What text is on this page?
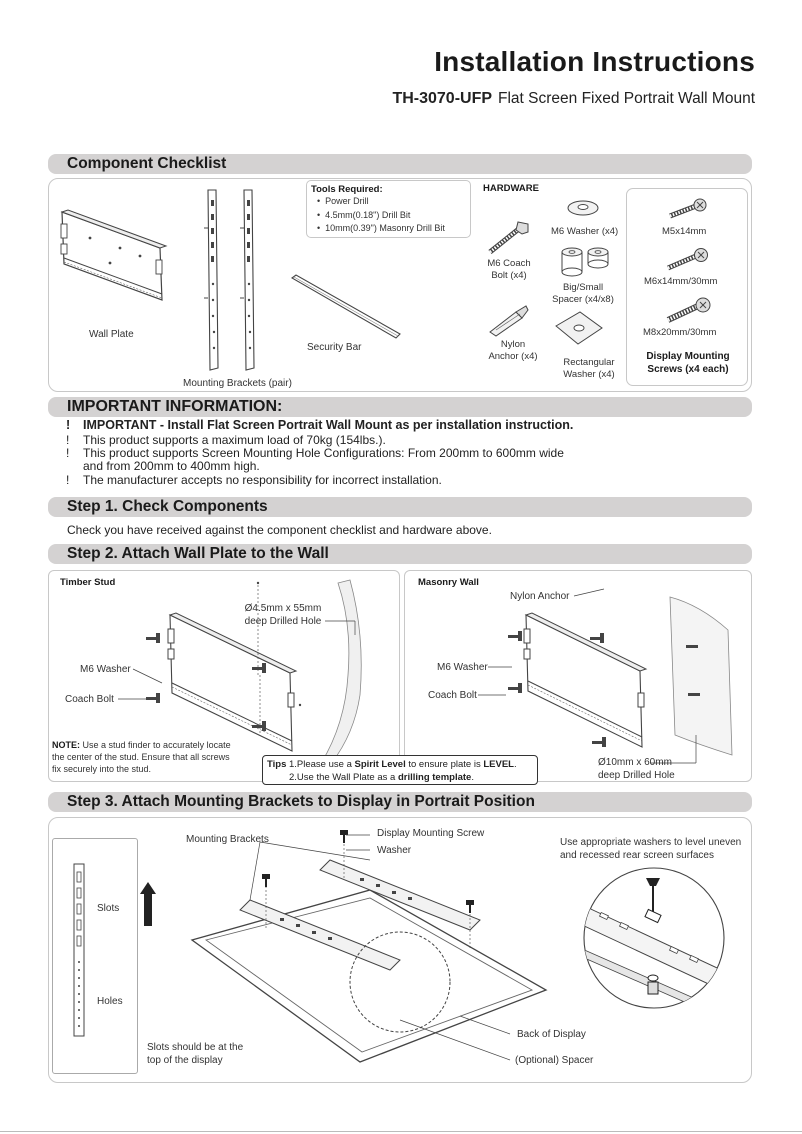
Installation Instructions
TH-3070-UFP Flat Screen Fixed Portrait Wall Mount
Component Checklist
Wall Plate
Mounting Brackets (pair)
Security Bar
Tools Required:
•  Power Drill
•  4.5mm(0.18") Drill Bit
•  10mm(0.39") Masonry Drill Bit
HARDWARE
M6 Coach
Bolt (x4)
M6 Washer (x4)
Big/Small
Spacer (x4/x8)
Nylon
Anchor (x4)
Rectangular
Washer (x4)
M5x14mm
M6x14mm/30mm
M8x20mm/30mm
Display Mounting
Screws (x4 each)
IMPORTANT INFORMATION:
! IMPORTANT - Install Flat Screen Portrait Wall Mount as per installation instruction.
! This product supports a maximum load of 70kg (154lbs.).
! This product supports Screen Mounting Hole Configurations: From 200mm to 600mm wide
and from 200mm to 400mm high.
! The manufacturer accepts no responsibility for incorrect installation.
Step 1. Check Components
Check you have received against the component checklist and hardware above.
Step 2. Attach Wall Plate to the Wall
Timber Stud
Ø4.5mm x 55mm
deep Drilled Hole
M6 Washer
Coach Bolt
NOTE: Use a stud finder to accurately locate the center of the stud. Ensure that all screws fix securely into the stud.
Masonry Wall
Nylon Anchor
M6 Washer
Coach Bolt
Ø10mm x 60mm
deep Drilled Hole
Tips 1.Please use a Spirit Level to ensure plate is LEVEL.
2.Use the Wall Plate as a drilling template.
Step 3. Attach Mounting Brackets to Display in Portrait Position
Slots
Holes
Slots should be at the
top of the display
Mounting Brackets
Display Mounting Screw
Washer
Back of Display
(Optional) Spacer
Use appropriate washers to level uneven
and recessed rear screen surfaces
